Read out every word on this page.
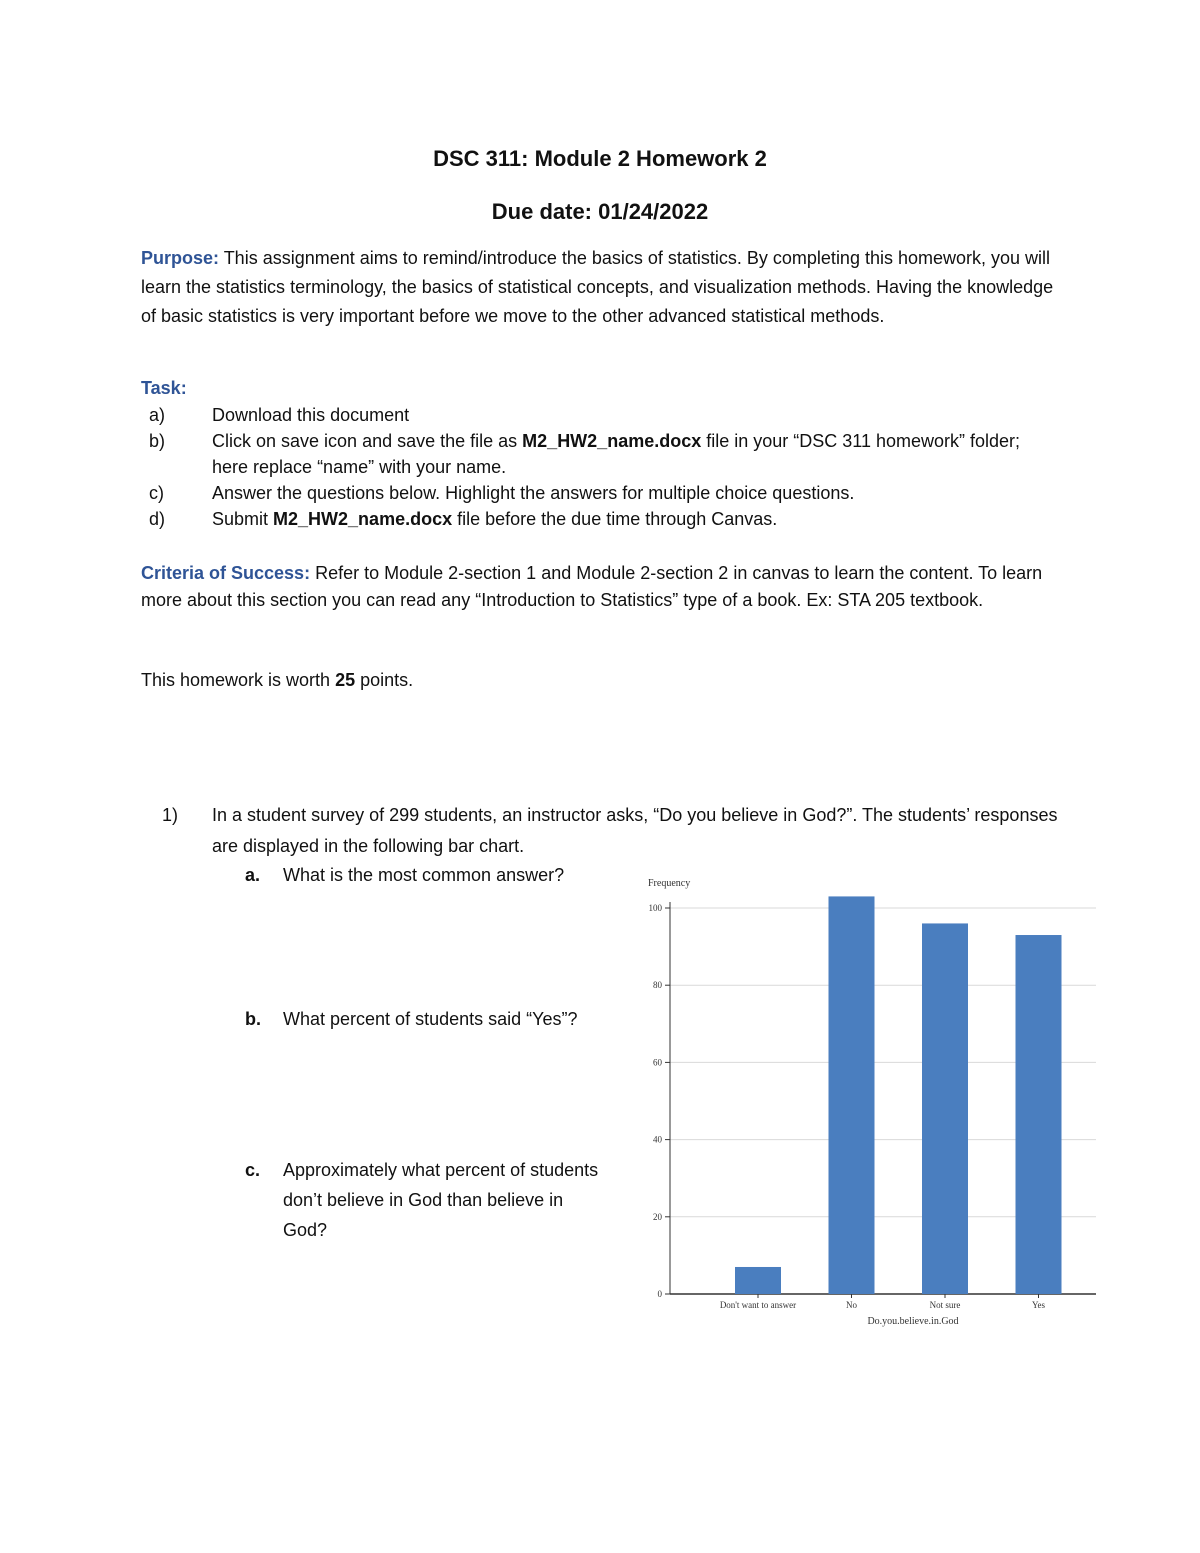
DSC 311: Module 2 Homework 2
Due date: 01/24/2022

Purpose: This assignment aims to remind/introduce the basics of statistics. By completing this homework, you will learn the statistics terminology, the basics of statistical concepts, and visualization methods. Having the knowledge of basic statistics is very important before we move to the other advanced statistical methods.

Task:

a)	Download this document
b)	Click on save icon and save the file as M2_HW2_name.docx file in your “DSC 311 homework” folder; here replace “name” with your name.
c)	Answer the questions below. Highlight the answers for multiple choice questions.
d)	Submit M2_HW2_name.docx file before the due time through Canvas.

Criteria of Success: Refer to Module 2-section 1 and Module 2-section 2 in canvas to learn the content. To learn more about this section you can read any “Introduction to Statistics” type of a book. Ex: STA 205 textbook.

This homework is worth 25 points.

1) In a student survey of 299 students, an instructor asks, “Do you believe in God?”. The students’ responses are displayed in the following bar chart.
a. What is the most common answer?
b. What percent of students said “Yes”?
c. Approximately what percent of students don’t believe in God than believe in God?
0
20
40
60
80
100
Don't want to answer	No	Not sure	Yes
Frequency
Do.you.believe.in.God
